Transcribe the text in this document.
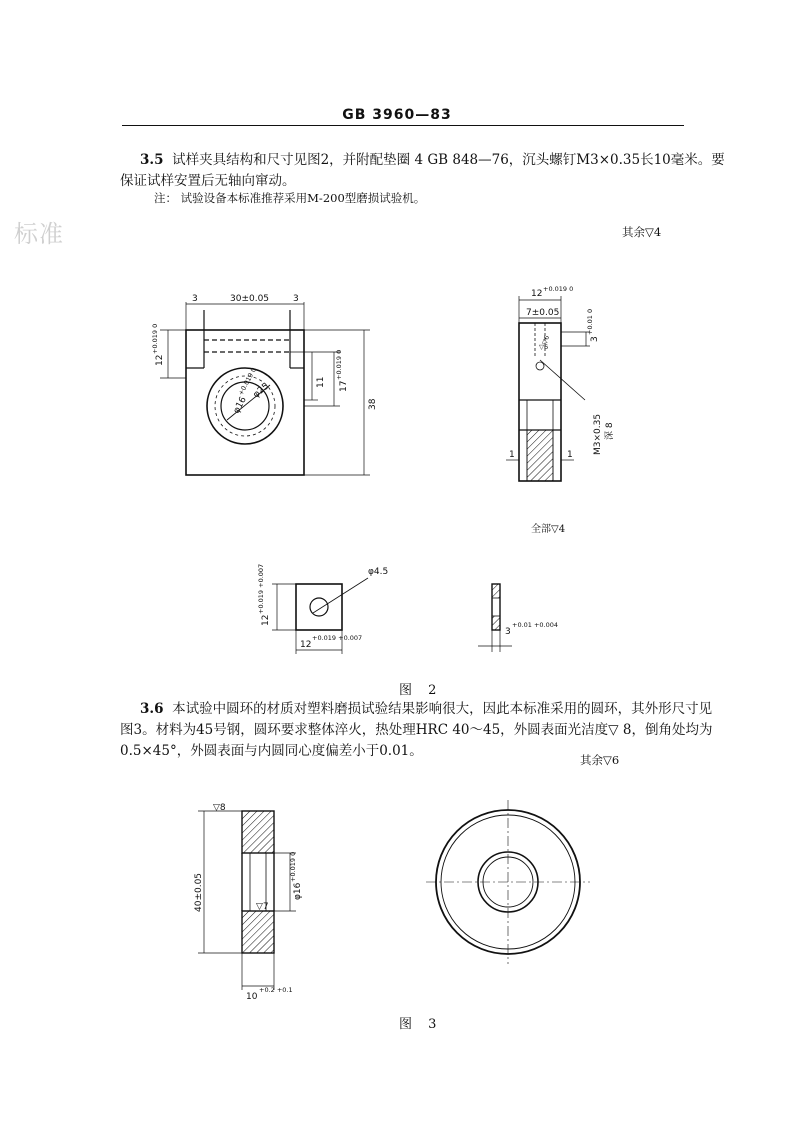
GB 3960—83
标准
3.5 试样夹具结构和尺寸见图2，并附配垫圈 4 GB 848—76，沉头螺钉M3×0.35长10毫米。要
保证试样安置后无轴向窜动。
注： 试验设备本标准推荐采用M-200型磨损试验机。
其余▽4
30±0.05
3	3
12
+0.019 0
11 17
+0.019 0
38
φ16
+0.019 0
φ25
12 +0.019 0
7±0.05
3
+0.01 0
▽6
▽6
M3×0.35 深 8
1	1
φ4.5
12
+0.019 +0.007
12
+0.019 +0.007
3
+0.01 +0.004
▽8
▽7
40±0.05	φ16
+0.019 0
10
+0.2 +0.1
全部▽4
图 2
3.6 本试验中圆环的材质对塑料磨损试验结果影响很大，因此本标准采用的圆环，其外形尺寸见
图3。材料为45号钢，圆环要求整体淬火，热处理HRC 40～45，外圆表面光洁度▽ 8，倒角处均为
0.5×45°，外圆表面与内圆同心度偏差小于0.01。
其余▽6
图 3
